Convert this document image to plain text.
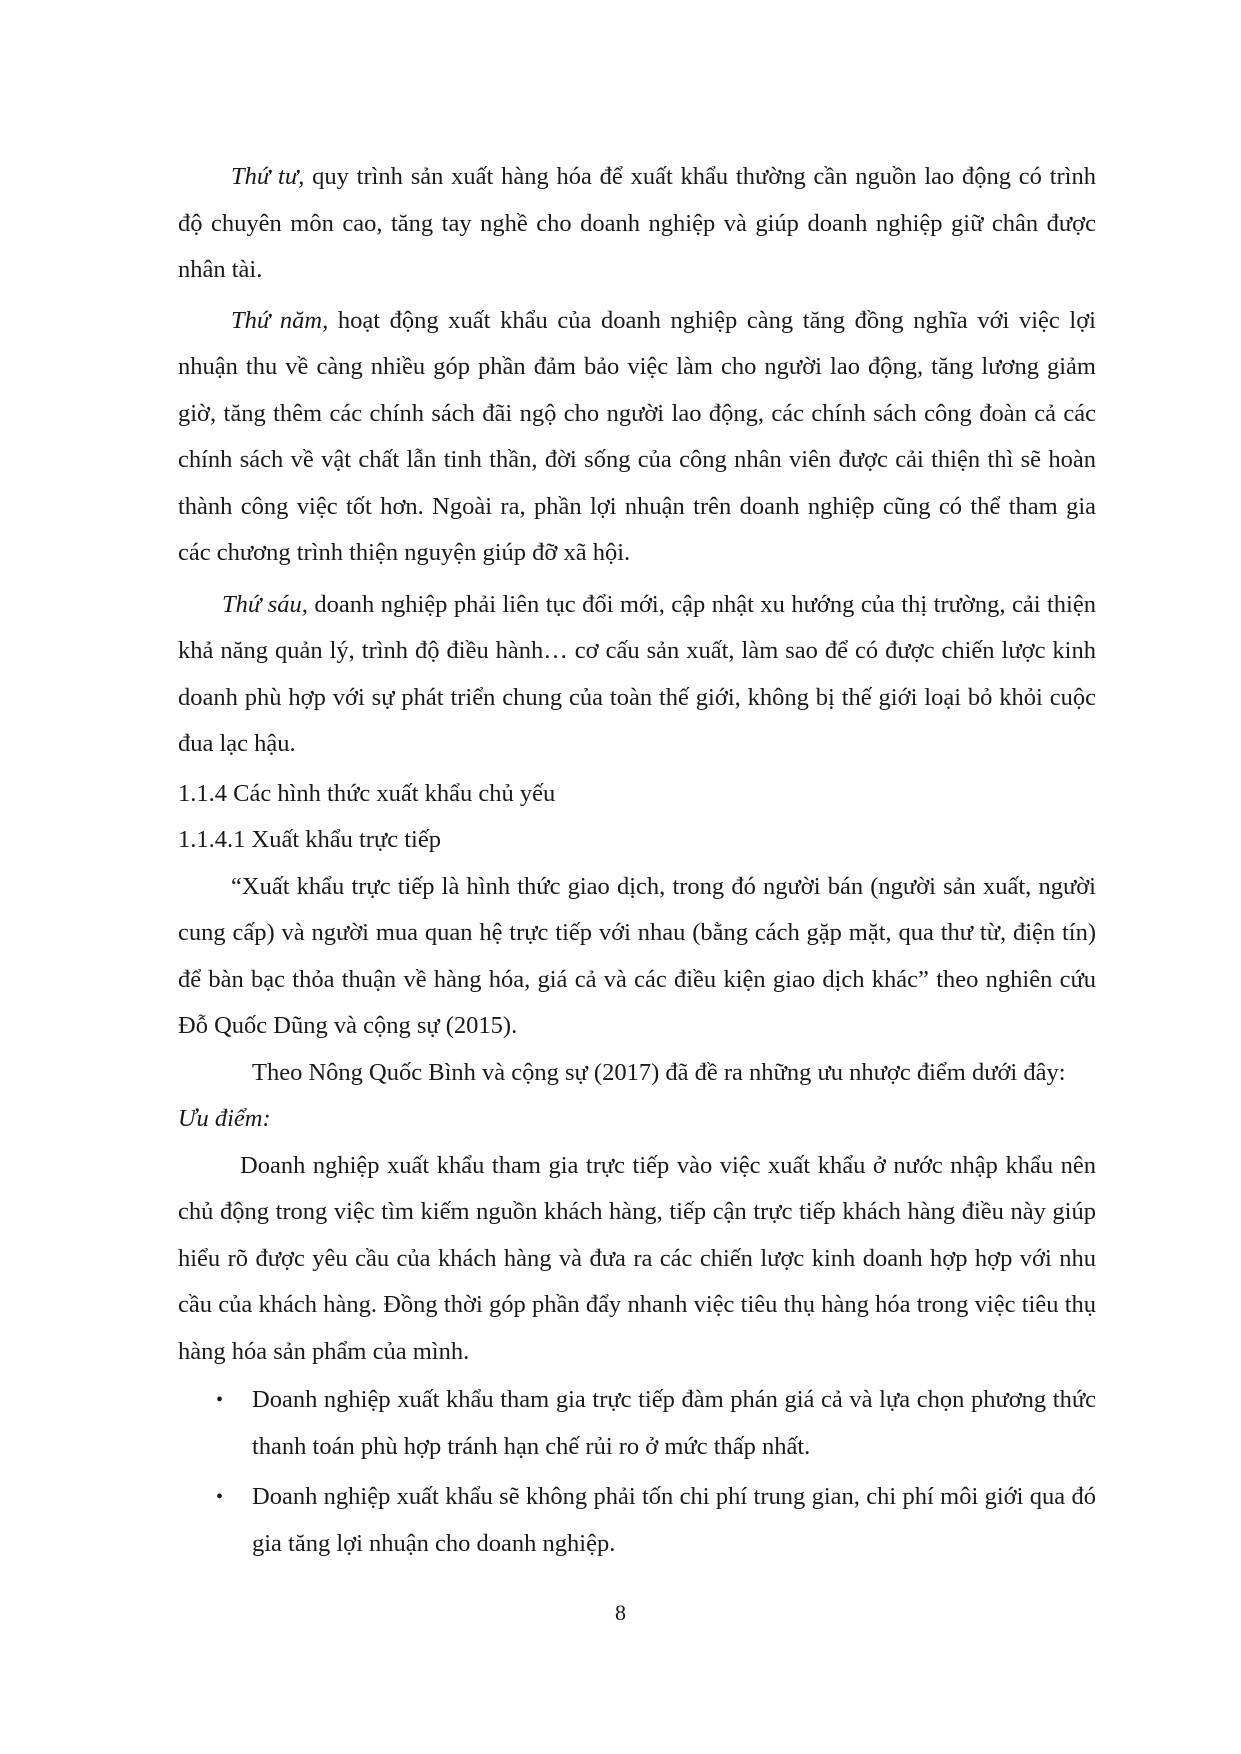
Thứ tư, quy trình sản xuất hàng hóa để xuất khẩu thường cần nguồn lao động có trình độ chuyên môn cao, tăng tay nghề cho doanh nghiệp và giúp doanh nghiệp giữ chân được nhân tài.

Thứ năm, hoạt động xuất khẩu của doanh nghiệp càng tăng đồng nghĩa với việc lợi nhuận thu về càng nhiều góp phần đảm bảo việc làm cho người lao động, tăng lương giảm giờ, tăng thêm các chính sách đãi ngộ cho người lao động, các chính sách công đoàn cả các chính sách về vật chất lẫn tinh thần, đời sống của công nhân viên được cải thiện thì sẽ hoàn thành công việc tốt hơn. Ngoài ra, phần lợi nhuận trên doanh nghiệp cũng có thể tham gia các chương trình thiện nguyện giúp đỡ xã hội.

Thứ sáu, doanh nghiệp phải liên tục đổi mới, cập nhật xu hướng của thị trường, cải thiện khả năng quản lý, trình độ điều hành… cơ cấu sản xuất, làm sao để có được chiến lược kinh doanh phù hợp với sự phát triển chung của toàn thế giới, không bị thế giới loại bỏ khỏi cuộc đua lạc hậu.

1.1.4 Các hình thức xuất khẩu chủ yếu

1.1.4.1 Xuất khẩu trực tiếp

“Xuất khẩu trực tiếp là hình thức giao dịch, trong đó người bán (người sản xuất, người cung cấp) và người mua quan hệ trực tiếp với nhau (bằng cách gặp mặt, qua thư từ, điện tín) để bàn bạc thỏa thuận về hàng hóa, giá cả và các điều kiện giao dịch khác” theo nghiên cứu Đỗ Quốc Dũng và cộng sự (2015).

Theo Nông Quốc Bình và cộng sự (2017) đã đề ra những ưu nhược điểm dưới đây:

Ưu điểm:

Doanh nghiệp xuất khẩu tham gia trực tiếp vào việc xuất khẩu ở nước nhập khẩu nên chủ động trong việc tìm kiếm nguồn khách hàng, tiếp cận trực tiếp khách hàng điều này giúp hiểu rõ được yêu cầu của khách hàng và đưa ra các chiến lược kinh doanh hợp hợp với nhu cầu của khách hàng. Đồng thời góp phần đẩy nhanh việc tiêu thụ hàng hóa trong việc tiêu thụ hàng hóa sản phẩm của mình.

• Doanh nghiệp xuất khẩu tham gia trực tiếp đàm phán giá cả và lựa chọn phương thức thanh toán phù hợp tránh hạn chế rủi ro ở mức thấp nhất.
• Doanh nghiệp xuất khẩu sẽ không phải tốn chi phí trung gian, chi phí môi giới qua đó gia tăng lợi nhuận cho doanh nghiệp.
8
